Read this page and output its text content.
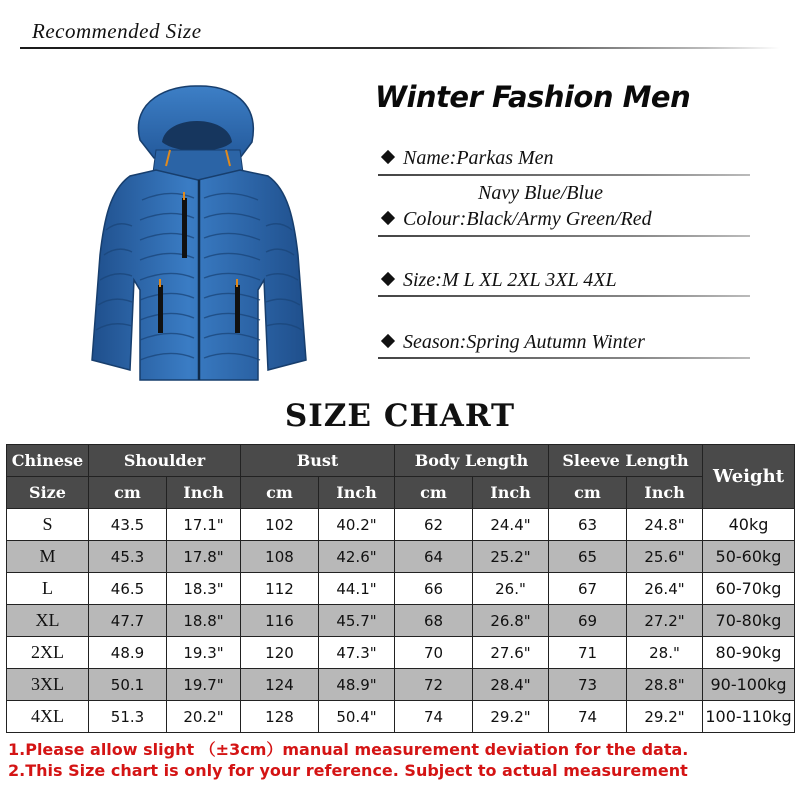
Recommended Size
Winter Fashion Men
Name:Parkas Men
Navy Blue/Blue
Colour:Black/Army Green/Red
Size:M L XL 2XL 3XL 4XL
Season:Spring Autumn Winter
SIZE CHART
Chinese	Shoulder		Bust		Body Length		Sleeve Length		Weight
Size	cm	Inch	cm	Inch	cm	Inch	cm	Inch	
S	43.5	17.1"	102	40.2"	62	24.4"	63	24.8"	40kg
M	45.3	17.8"	108	42.6"	64	25.2"	65	25.6"	50-60kg
L	46.5	18.3"	112	44.1"	66	26."	67	26.4"	60-70kg
XL	47.7	18.8"	116	45.7"	68	26.8"	69	27.2"	70-80kg
2XL	48.9	19.3"	120	47.3"	70	27.6"	71	28."	80-90kg
3XL	50.1	19.7"	124	48.9"	72	28.4"	73	28.8"	90-100kg
4XL	51.3	20.2"	128	50.4"	74	29.2"	74	29.2"	100-110kg
1.Please allow slight （±3cm）manual measurement deviation for the data.
2.This Size chart is only for your reference. Subject to actual measurement
